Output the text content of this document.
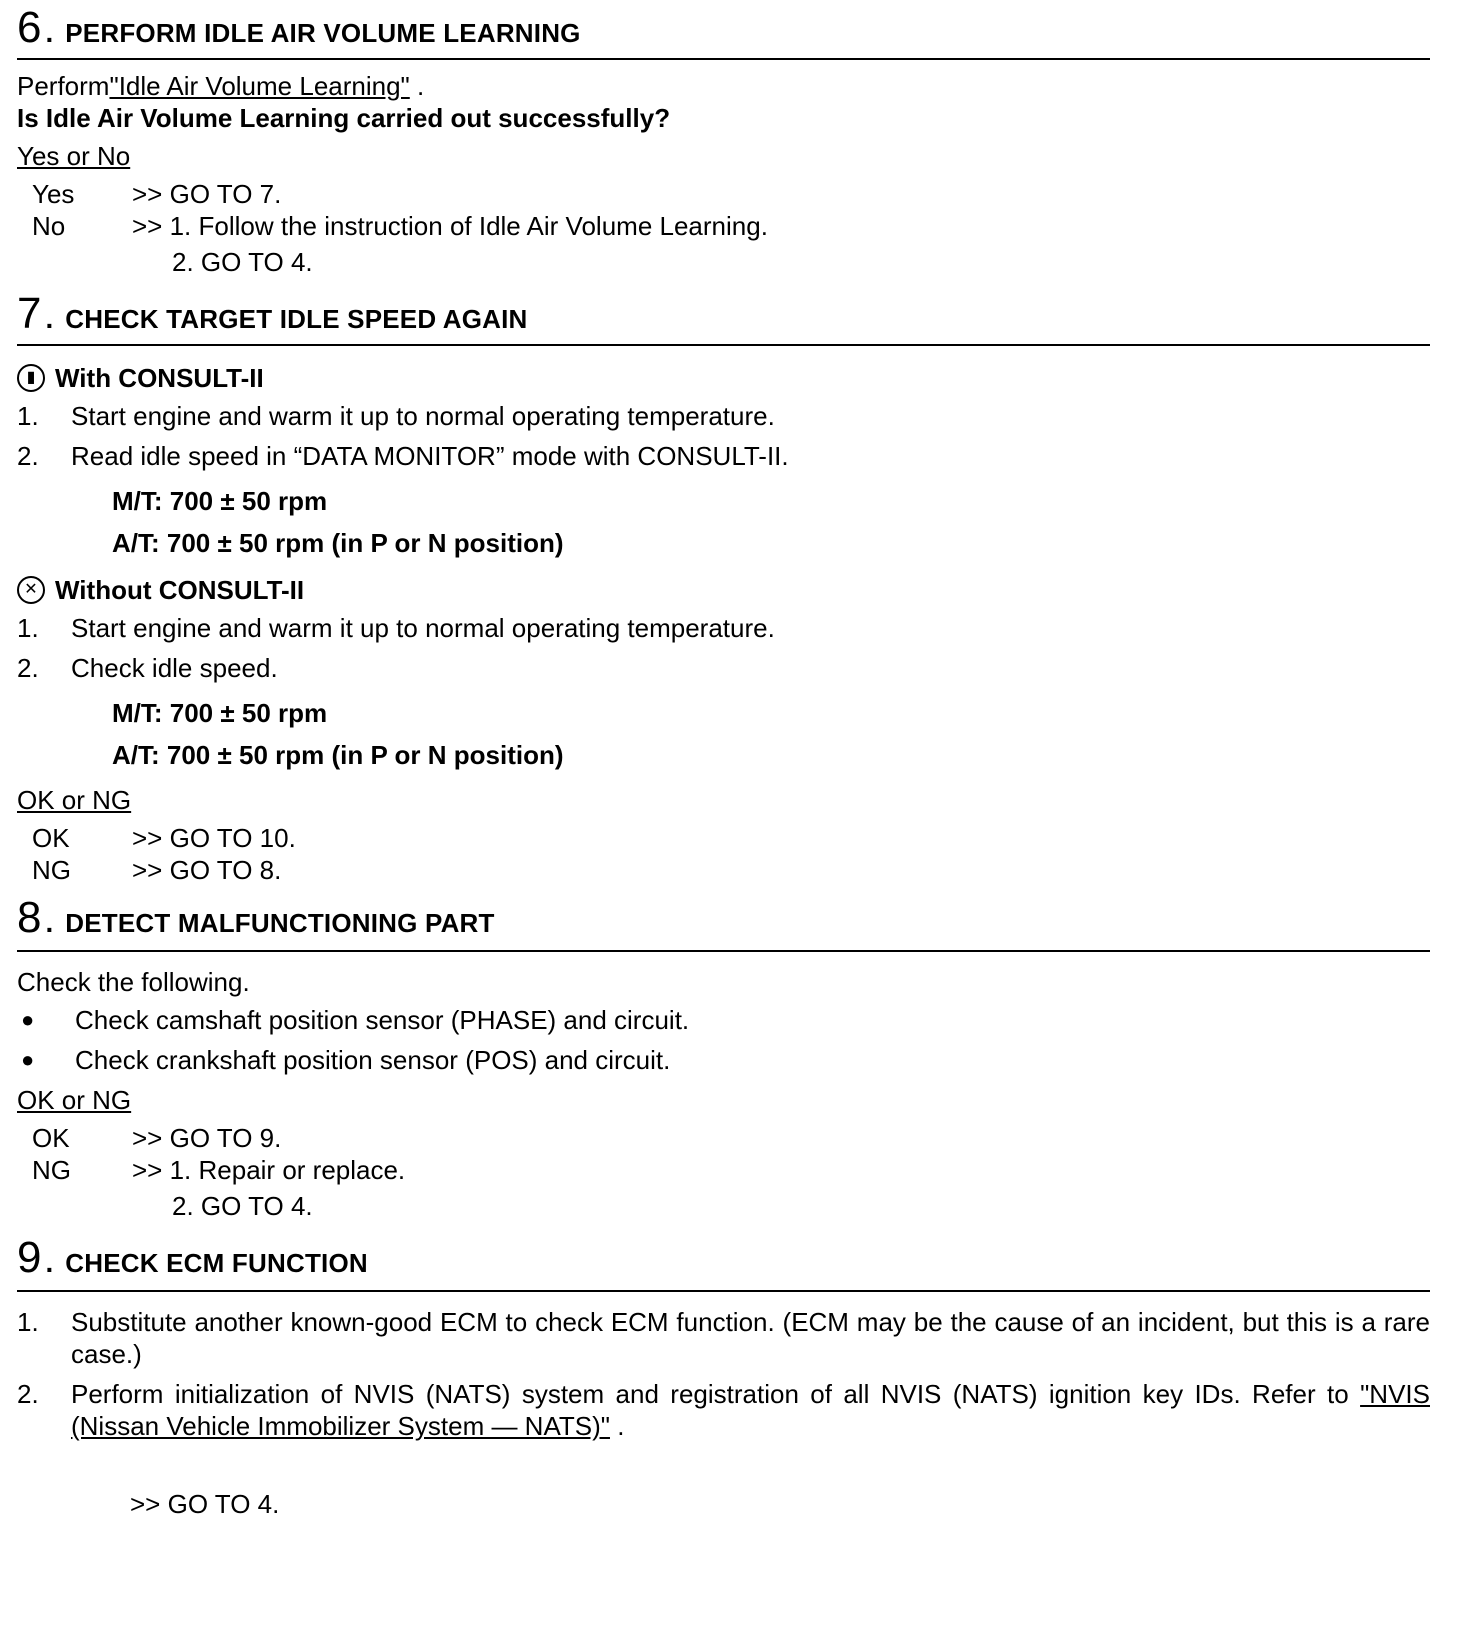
6 . PERFORM IDLE AIR VOLUME LEARNING
Perform"Idle Air Volume Learning" .
Is Idle Air Volume Learning carried out successfully?
Yes or No
Yes	>> GO TO 7.
No	>> 1. Follow the instruction of Idle Air Volume Learning.
2. GO TO 4.
7 . CHECK TARGET IDLE SPEED AGAIN
▮ With CONSULT-II
1.	Start engine and warm it up to normal operating temperature.
2.	Read idle speed in “DATA MONITOR” mode with CONSULT-II.
M/T: 700 ± 50 rpm
A/T: 700 ± 50 rpm (in P or N position)
✕ Without CONSULT-II
1.	Start engine and warm it up to normal operating temperature.
2.	Check idle speed.
M/T: 700 ± 50 rpm
A/T: 700 ± 50 rpm (in P or N position)
OK or NG
OK	>> GO TO 10.
NG	>> GO TO 8.
8 . DETECT MALFUNCTIONING PART
Check the following.
●	Check camshaft position sensor (PHASE) and circuit.
●	Check crankshaft position sensor (POS) and circuit.
OK or NG
OK	>> GO TO 9.
NG	>> 1. Repair or replace.
2. GO TO 4.
9 . CHECK ECM FUNCTION
1.	Substitute another known-good ECM to check ECM function. (ECM may be the cause of an incident, but this is a rare case.)
2.	Perform initialization of NVIS (NATS) system and registration of all NVIS (NATS) ignition key IDs. Refer to "NVIS (Nissan Vehicle Immobilizer System — NATS)" .
>> GO TO 4.
